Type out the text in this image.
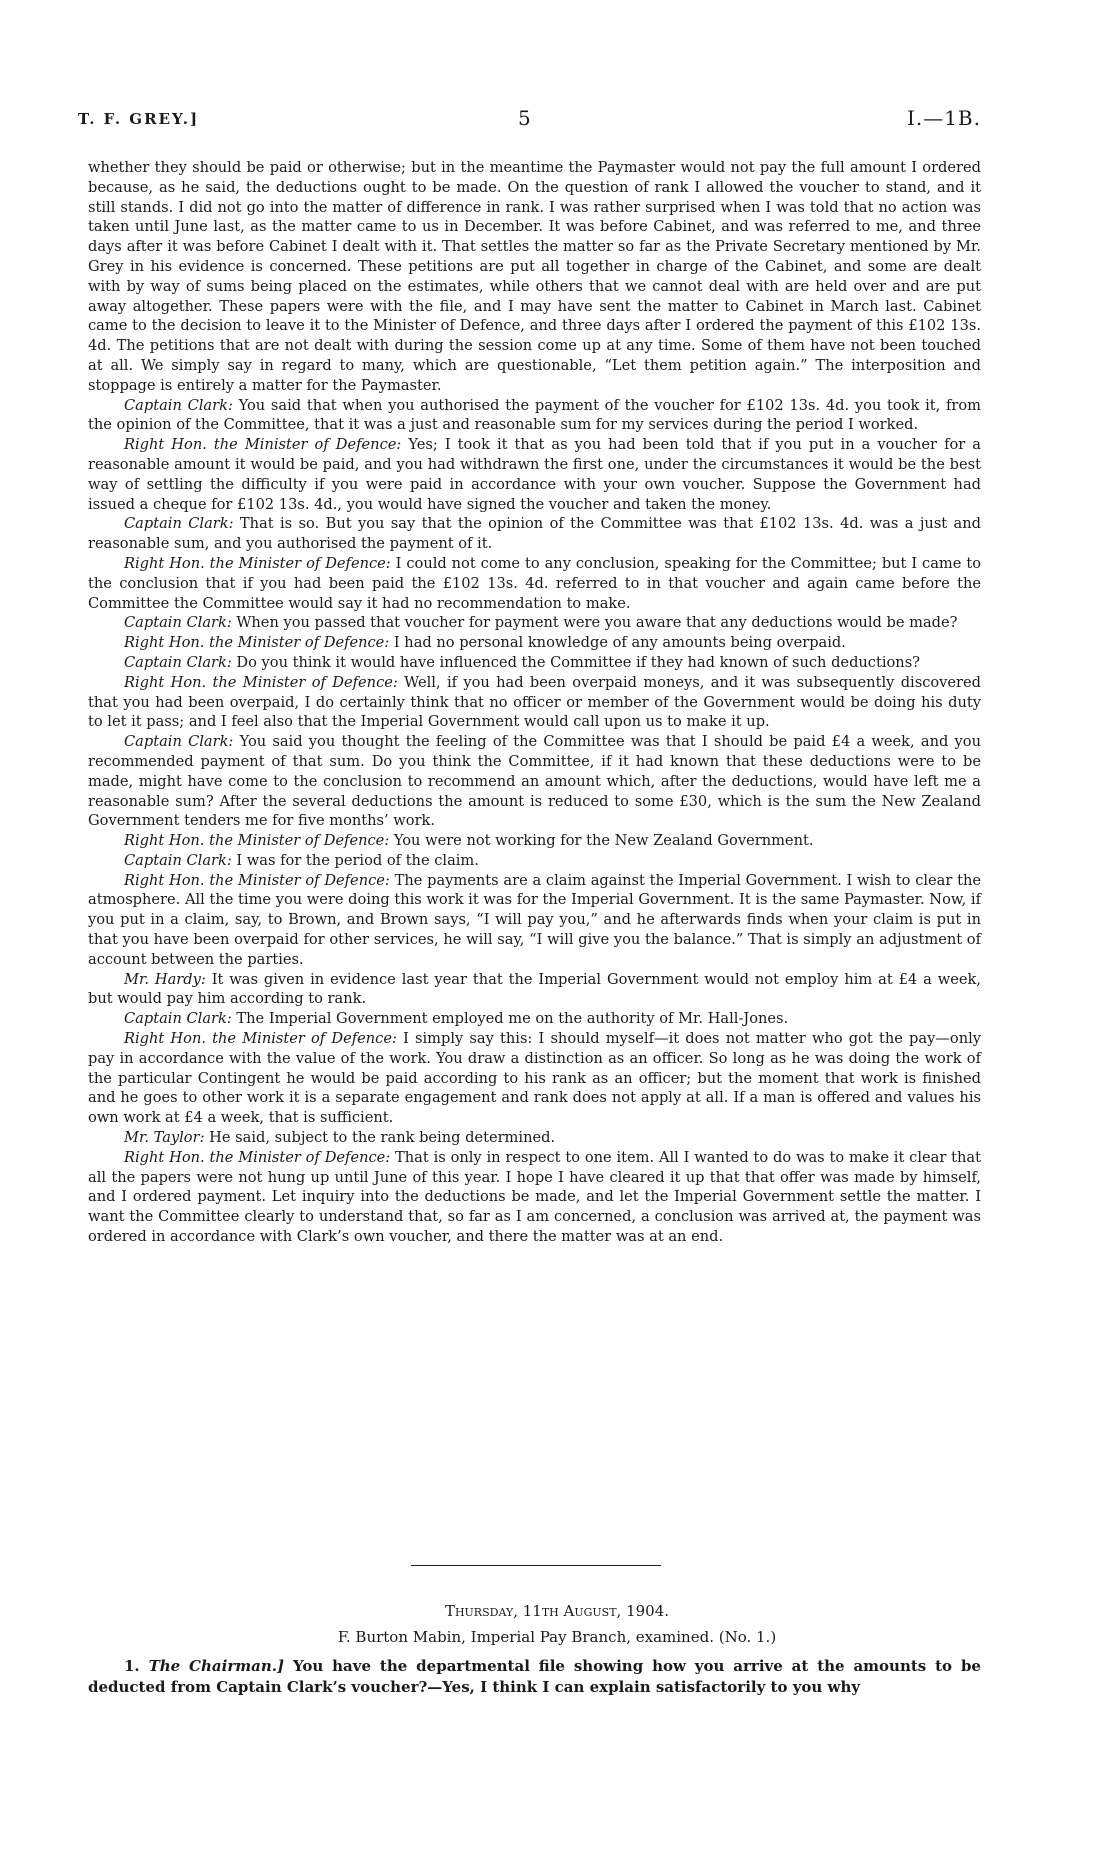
T. F. GREY.]	5	I.—1B.

whether they should be paid or otherwise; but in the meantime the Paymaster would not pay the full amount I ordered because, as he said, the deductions ought to be made. On the question of rank I allowed the voucher to stand, and it still stands. I did not go into the matter of difference in rank. I was rather surprised when I was told that no action was taken until June last, as the matter came to us in December. It was before Cabinet, and was referred to me, and three days after it was before Cabinet I dealt with it. That settles the matter so far as the Private Secretary mentioned by Mr. Grey in his evidence is concerned. These petitions are put all together in charge of the Cabinet, and some are dealt with by way of sums being placed on the estimates, while others that we cannot deal with are held over and are put away altogether. These papers were with the file, and I may have sent the matter to Cabinet in March last. Cabinet came to the decision to leave it to the Minister of Defence, and three days after I ordered the payment of this £102 13s. 4d. The petitions that are not dealt with during the session come up at any time. Some of them have not been touched at all. We simply say in regard to many, which are questionable, “Let them petition again.” The interposition and stoppage is entirely a matter for the Paymaster.

Captain Clark: You said that when you authorised the payment of the voucher for £102 13s. 4d. you took it, from the opinion of the Committee, that it was a just and reasonable sum for my services during the period I worked.

Right Hon. the Minister of Defence: Yes; I took it that as you had been told that if you put in a voucher for a reasonable amount it would be paid, and you had withdrawn the first one, under the circumstances it would be the best way of settling the difficulty if you were paid in accordance with your own voucher. Suppose the Government had issued a cheque for £102 13s. 4d., you would have signed the voucher and taken the money.

Captain Clark: That is so. But you say that the opinion of the Committee was that £102 13s. 4d. was a just and reasonable sum, and you authorised the payment of it.

Right Hon. the Minister of Defence: I could not come to any conclusion, speaking for the Committee; but I came to the conclusion that if you had been paid the £102 13s. 4d. referred to in that voucher and again came before the Committee the Committee would say it had no recommendation to make.

Captain Clark: When you passed that voucher for payment were you aware that any deductions would be made?

Right Hon. the Minister of Defence: I had no personal knowledge of any amounts being overpaid.

Captain Clark: Do you think it would have influenced the Committee if they had known of such deductions?

Right Hon. the Minister of Defence: Well, if you had been overpaid moneys, and it was subsequently discovered that you had been overpaid, I do certainly think that no officer or member of the Government would be doing his duty to let it pass; and I feel also that the Imperial Government would call upon us to make it up.

Captain Clark: You said you thought the feeling of the Committee was that I should be paid £4 a week, and you recommended payment of that sum. Do you think the Committee, if it had known that these deductions were to be made, might have come to the conclusion to recommend an amount which, after the deductions, would have left me a reasonable sum? After the several deductions the amount is reduced to some £30, which is the sum the New Zealand Government tenders me for five months’ work.

Right Hon. the Minister of Defence: You were not working for the New Zealand Government.

Captain Clark: I was for the period of the claim.

Right Hon. the Minister of Defence: The payments are a claim against the Imperial Government. I wish to clear the atmosphere. All the time you were doing this work it was for the Imperial Government. It is the same Paymaster. Now, if you put in a claim, say, to Brown, and Brown says, “I will pay you,” and he afterwards finds when your claim is put in that you have been overpaid for other services, he will say, “I will give you the balance.” That is simply an adjustment of account between the parties.

Mr. Hardy: It was given in evidence last year that the Imperial Government would not employ him at £4 a week, but would pay him according to rank.

Captain Clark: The Imperial Government employed me on the authority of Mr. Hall-Jones.

Right Hon. the Minister of Defence: I simply say this: I should myself—it does not matter who got the pay—only pay in accordance with the value of the work. You draw a distinction as an officer. So long as he was doing the work of the particular Contingent he would be paid according to his rank as an officer; but the moment that work is finished and he goes to other work it is a separate engagement and rank does not apply at all. If a man is offered and values his own work at £4 a week, that is sufficient.

Mr. Taylor: He said, subject to the rank being determined.

Right Hon. the Minister of Defence: That is only in respect to one item. All I wanted to do was to make it clear that all the papers were not hung up until June of this year. I hope I have cleared it up that that offer was made by himself, and I ordered payment. Let inquiry into the deductions be made, and let the Imperial Government settle the matter. I want the Committee clearly to understand that, so far as I am concerned, a conclusion was arrived at, the payment was ordered in accordance with Clark’s own voucher, and there the matter was at an end.

Thursday, 11th August, 1904.
F. Burton Mabin, Imperial Pay Branch, examined. (No. 1.)

1. The Chairman.] You have the departmental file showing how you arrive at the amounts to be deducted from Captain Clark’s voucher?—Yes, I think I can explain satisfactorily to you why
